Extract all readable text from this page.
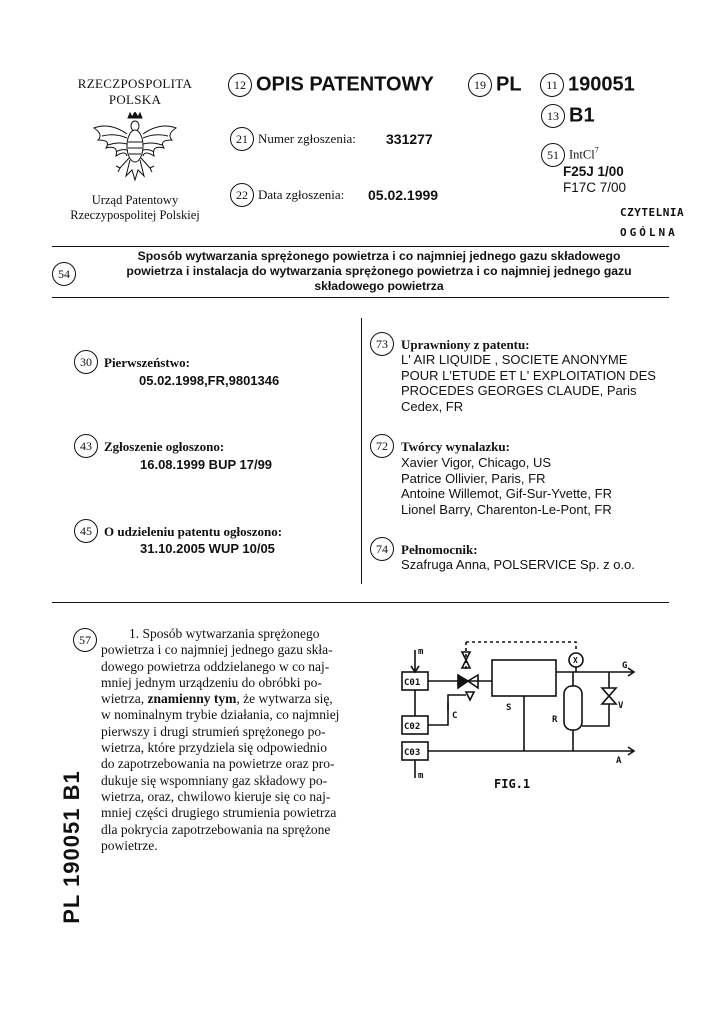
RZECZPOSPOLITA
POLSKA
Urząd Patentowy
Rzeczypospolitej Polskiej
12 OPIS PATENTOWY	19 PL	11 190051
13 B1
21 Numer zgłoszenia: 331277
22 Data zgłoszenia: 05.02.1999
51 IntCl$^7$
F25J 1/00
F17C 7/00
CZYTELNIA
OGÓLNA
54
Sposób wytwarzania sprężonego powietrza i co najmniej jednego gazu składowego
powietrza i instalacja do wytwarzania sprężonego powietrza i co najmniej jednego gazu
składowego powietrza
30 Pierwszeństwo:
05.02.1998,FR,9801346
43 Zgłoszenie ogłoszono:
16.08.1999 BUP 17/99
45 O udzieleniu patentu ogłoszono:
31.10.2005 WUP 10/05
73	Uprawniony z patentu:
L' AIR LIQUIDE , SOCIETE ANONYME
POUR L'ETUDE ET L' EXPLOITATION DES
PROCEDES GEORGES CLAUDE, Paris
Cedex, FR
72	Twórcy wynalazku:
Xavier Vigor, Chicago, US
Patrice Ollivier, Paris, FR
Antoine Willemot, Gif-Sur-Yvette, FR
Lionel Barry, Charenton-Le-Pont, FR
74	Pełnomocnik:
Szafruga Anna, POLSERVICE Sp. z o.o.
PL 190051 B1
57	1. Sposób wytwarzania sprężonego
powietrza i co najmniej jednego gazu skła-
dowego powietrza oddzielanego w co naj-
mniej jednym urządzeniu do obróbki po-
wietrza, znamienny tym, że wytwarza się,
w nominalnym trybie działania, co najmniej
pierwszy i drugi strumień sprężonego po-
wietrza, które przydziela się odpowiednio
do zapotrzebowania na powietrze oraz pro-
dukuje się wspomniany gaz składowy po-
wietrza, oraz, chwilowo kieruje się co naj-
mniej części drugiego strumienia powietrza
dla pokrycia zapotrzebowania na sprężone
powietrze.
C01
C02
C03
m
m
X
G
A
V
S
C	R
FIG.1
